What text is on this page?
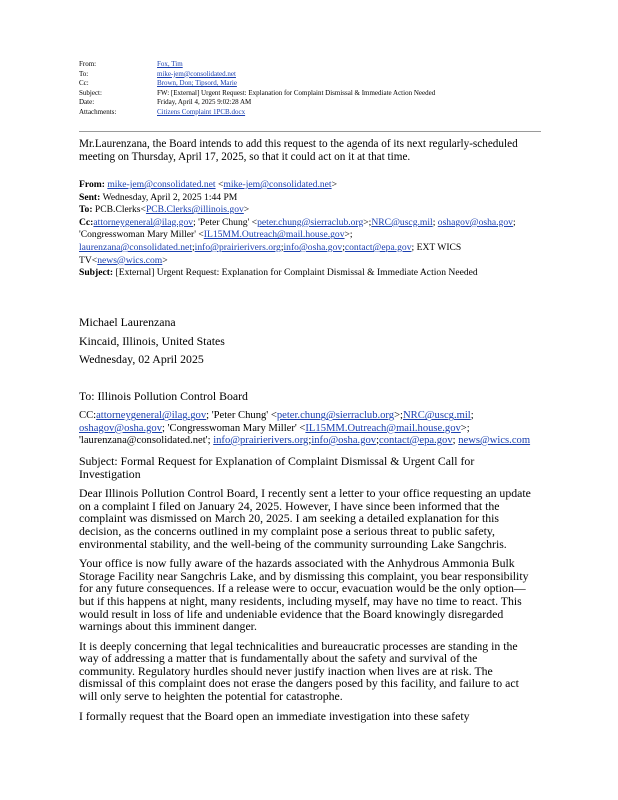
From:	Fox, Tim
To:	mike-jem@consolidated.net
Cc:	Brown, Don; Tipsord, Marie
Subject:	FW: [External] Urgent Request: Explanation for Complaint Dismissal & Immediate Action Needed
Date:	Friday, April 4, 2025 9:02:28 AM
Attachments:	Citizens Complaint 1PCB.docx
Mr.Laurenzana, the Board intends to add this request to the agenda of its next regularly-scheduled meeting on Thursday, April 17, 2025, so that it could act on it at that time.
From: mike-jem@consolidated.net <mike-jem@consolidated.net>
Sent: Wednesday, April 2, 2025 1:44 PM
To: PCB.Clerks<PCB.Clerks@illinois.gov>
Cc:attorneygeneral@ilag.gov; 'Peter Chung' <peter.chung@sierraclub.org>;NRC@uscg.mil; oshagov@osha.gov; 'Congresswoman Mary Miller' <IL15MM.Outreach@mail.house.gov>; laurenzana@consolidated.net;info@prairierivers.org;info@osha.gov;contact@epa.gov; EXT WICS TV<news@wics.com>
Subject: [External] Urgent Request: Explanation for Complaint Dismissal & Immediate Action Needed

Michael Laurenzana

Kincaid, Illinois, United States

Wednesday, 02 April 2025

To: Illinois Pollution Control Board

CC:attorneygeneral@ilag.gov; 'Peter Chung' <peter.chung@sierraclub.org>;NRC@uscg.mil; oshagov@osha.gov; 'Congresswoman Mary Miller' <IL15MM.Outreach@mail.house.gov>; 'laurenzana@consolidated.net'; info@prairierivers.org;info@osha.gov;contact@epa.gov; news@wics.com

Subject: Formal Request for Explanation of Complaint Dismissal & Urgent Call for Investigation

Dear Illinois Pollution Control Board, I recently sent a letter to your office requesting an update on a complaint I filed on January 24, 2025. However, I have since been informed that the complaint was dismissed on March 20, 2025. I am seeking a detailed explanation for this decision, as the concerns outlined in my complaint pose a serious threat to public safety, environmental stability, and the well-being of the community surrounding Lake Sangchris.

Your office is now fully aware of the hazards associated with the Anhydrous Ammonia Bulk Storage Facility near Sangchris Lake, and by dismissing this complaint, you bear responsibility for any future consequences. If a release were to occur, evacuation would be the only option—but if this happens at night, many residents, including myself, may have no time to react. This would result in loss of life and undeniable evidence that the Board knowingly disregarded warnings about this imminent danger.

It is deeply concerning that legal technicalities and bureaucratic processes are standing in the way of addressing a matter that is fundamentally about the safety and survival of the community. Regulatory hurdles should never justify inaction when lives are at risk. The dismissal of this complaint does not erase the dangers posed by this facility, and failure to act will only serve to heighten the potential for catastrophe.

I formally request that the Board open an immediate investigation into these safety
